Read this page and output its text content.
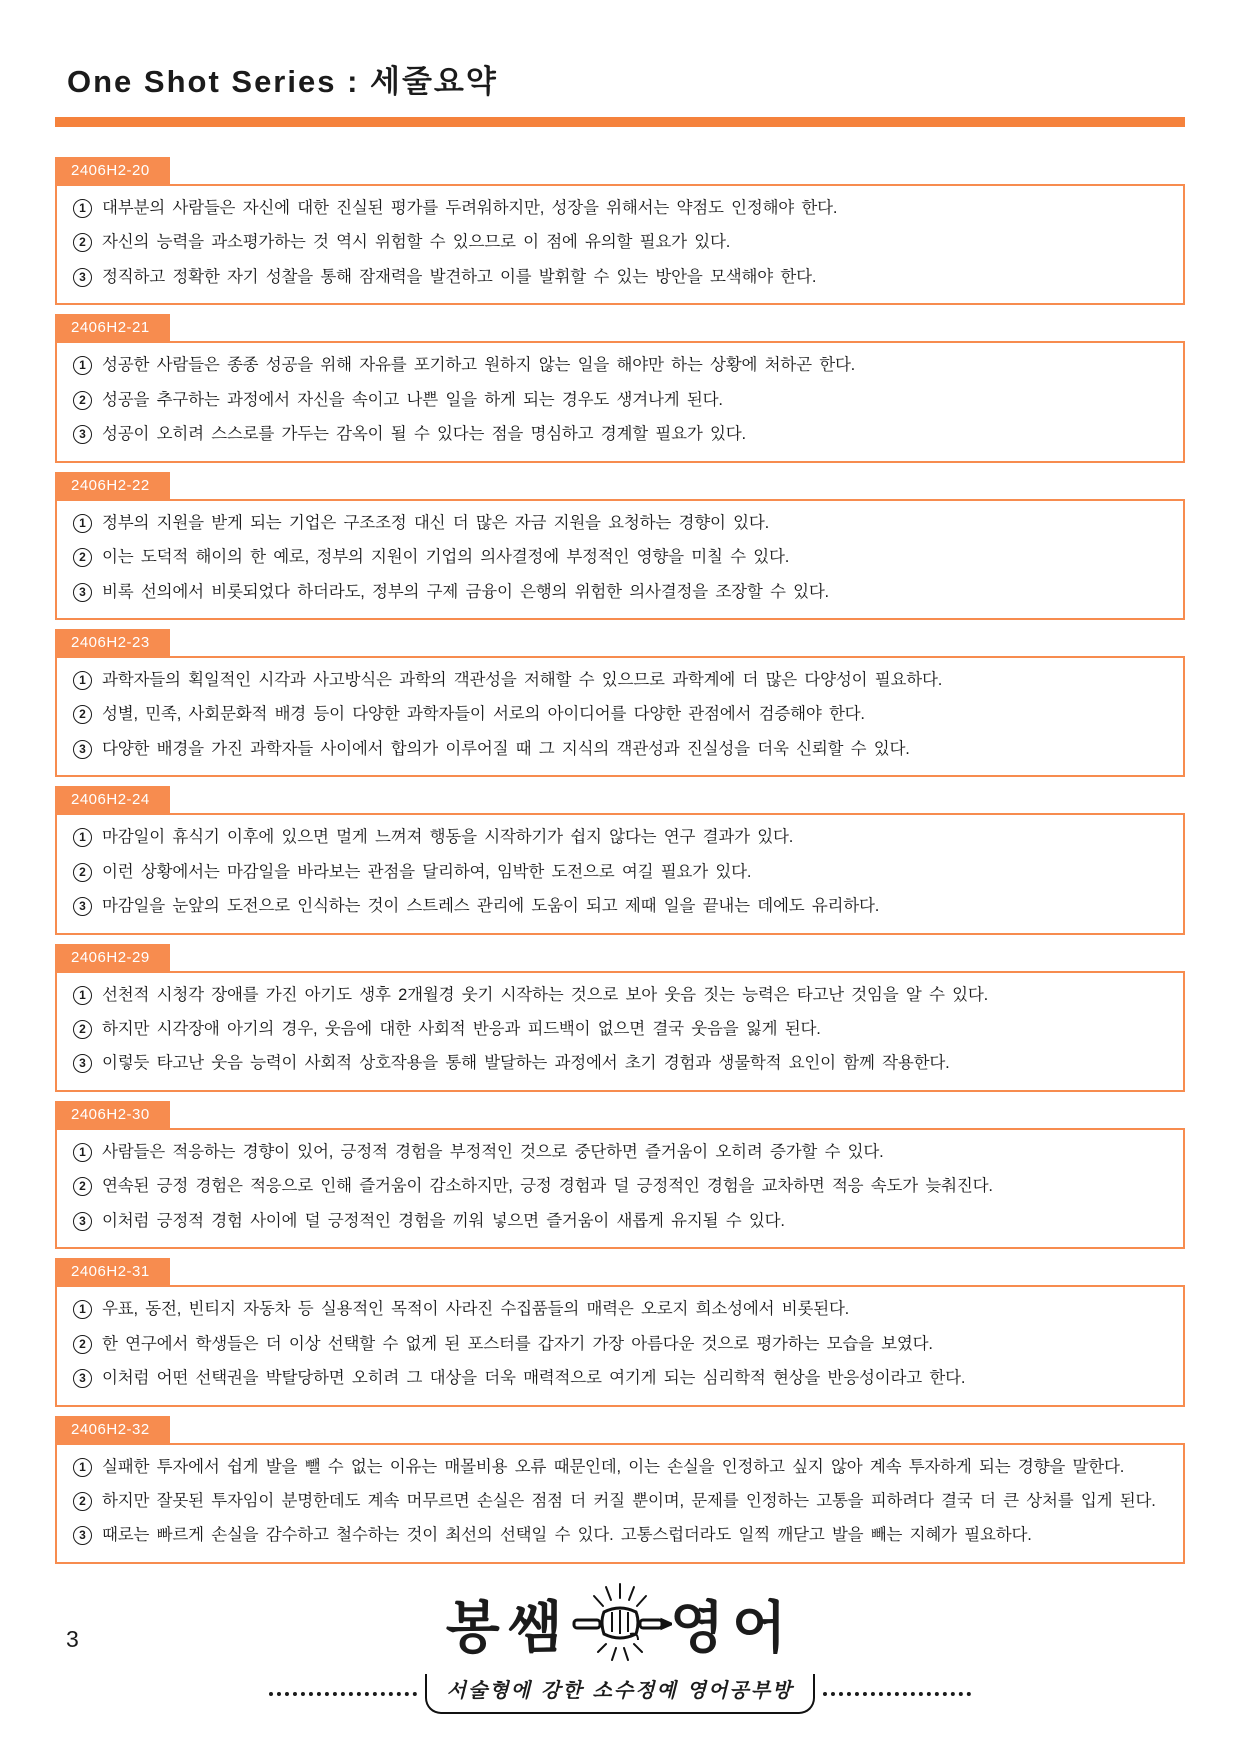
One Shot Series : 세줄요약
2406H2-20
1 대부분의 사람들은 자신에 대한 진실된 평가를 두려워하지만, 성장을 위해서는 약점도 인정해야 한다.
2 자신의 능력을 과소평가하는 것 역시 위험할 수 있으므로 이 점에 유의할 필요가 있다.
3 정직하고 정확한 자기 성찰을 통해 잠재력을 발견하고 이를 발휘할 수 있는 방안을 모색해야 한다.
2406H2-21
1 성공한 사람들은 종종 성공을 위해 자유를 포기하고 원하지 않는 일을 해야만 하는 상황에 처하곤 한다.
2 성공을 추구하는 과정에서 자신을 속이고 나쁜 일을 하게 되는 경우도 생겨나게 된다.
3 성공이 오히려 스스로를 가두는 감옥이 될 수 있다는 점을 명심하고 경계할 필요가 있다.
2406H2-22
1 정부의 지원을 받게 되는 기업은 구조조정 대신 더 많은 자금 지원을 요청하는 경향이 있다.
2 이는 도덕적 해이의 한 예로, 정부의 지원이 기업의 의사결정에 부정적인 영향을 미칠 수 있다.
3 비록 선의에서 비롯되었다 하더라도, 정부의 구제 금융이 은행의 위험한 의사결정을 조장할 수 있다.
2406H2-23
1 과학자들의 획일적인 시각과 사고방식은 과학의 객관성을 저해할 수 있으므로 과학계에 더 많은 다양성이 필요하다.
2 성별, 민족, 사회문화적 배경 등이 다양한 과학자들이 서로의 아이디어를 다양한 관점에서 검증해야 한다.
3 다양한 배경을 가진 과학자들 사이에서 합의가 이루어질 때 그 지식의 객관성과 진실성을 더욱 신뢰할 수 있다.
2406H2-24
1 마감일이 휴식기 이후에 있으면 멀게 느껴져 행동을 시작하기가 쉽지 않다는 연구 결과가 있다.
2 이런 상황에서는 마감일을 바라보는 관점을 달리하여, 임박한 도전으로 여길 필요가 있다.
3 마감일을 눈앞의 도전으로 인식하는 것이 스트레스 관리에 도움이 되고 제때 일을 끝내는 데에도 유리하다.
2406H2-29
1 선천적 시청각 장애를 가진 아기도 생후 2개월경 웃기 시작하는 것으로 보아 웃음 짓는 능력은 타고난 것임을 알 수 있다.
2 하지만 시각장애 아기의 경우, 웃음에 대한 사회적 반응과 피드백이 없으면 결국 웃음을 잃게 된다.
3 이렇듯 타고난 웃음 능력이 사회적 상호작용을 통해 발달하는 과정에서 초기 경험과 생물학적 요인이 함께 작용한다.
2406H2-30
1 사람들은 적응하는 경향이 있어, 긍정적 경험을 부정적인 것으로 중단하면 즐거움이 오히려 증가할 수 있다.
2 연속된 긍정 경험은 적응으로 인해 즐거움이 감소하지만, 긍정 경험과 덜 긍정적인 경험을 교차하면 적응 속도가 늦춰진다.
3 이처럼 긍정적 경험 사이에 덜 긍정적인 경험을 끼워 넣으면 즐거움이 새롭게 유지될 수 있다.
2406H2-31
1 우표, 동전, 빈티지 자동차 등 실용적인 목적이 사라진 수집품들의 매력은 오로지 희소성에서 비롯된다.
2 한 연구에서 학생들은 더 이상 선택할 수 없게 된 포스터를 갑자기 가장 아름다운 것으로 평가하는 모습을 보였다.
3 이처럼 어떤 선택권을 박탈당하면 오히려 그 대상을 더욱 매력적으로 여기게 되는 심리학적 현상을 반응성이라고 한다.
2406H2-32
1 실패한 투자에서 쉽게 발을 뺄 수 없는 이유는 매몰비용 오류 때문인데, 이는 손실을 인정하고 싶지 않아 계속 투자하게 되는 경향을 말한다.
2 하지만 잘못된 투자임이 분명한데도 계속 머무르면 손실은 점점 더 커질 뿐이며, 문제를 인정하는 고통을 피하려다 결국 더 큰 상처를 입게 된다.
3 때로는 빠르게 손실을 감수하고 철수하는 것이 최선의 선택일 수 있다. 고통스럽더라도 일찍 깨닫고 발을 빼는 지혜가 필요하다.
3	봉쌤 영어
서술형에 강한 소수정예 영어공부방
